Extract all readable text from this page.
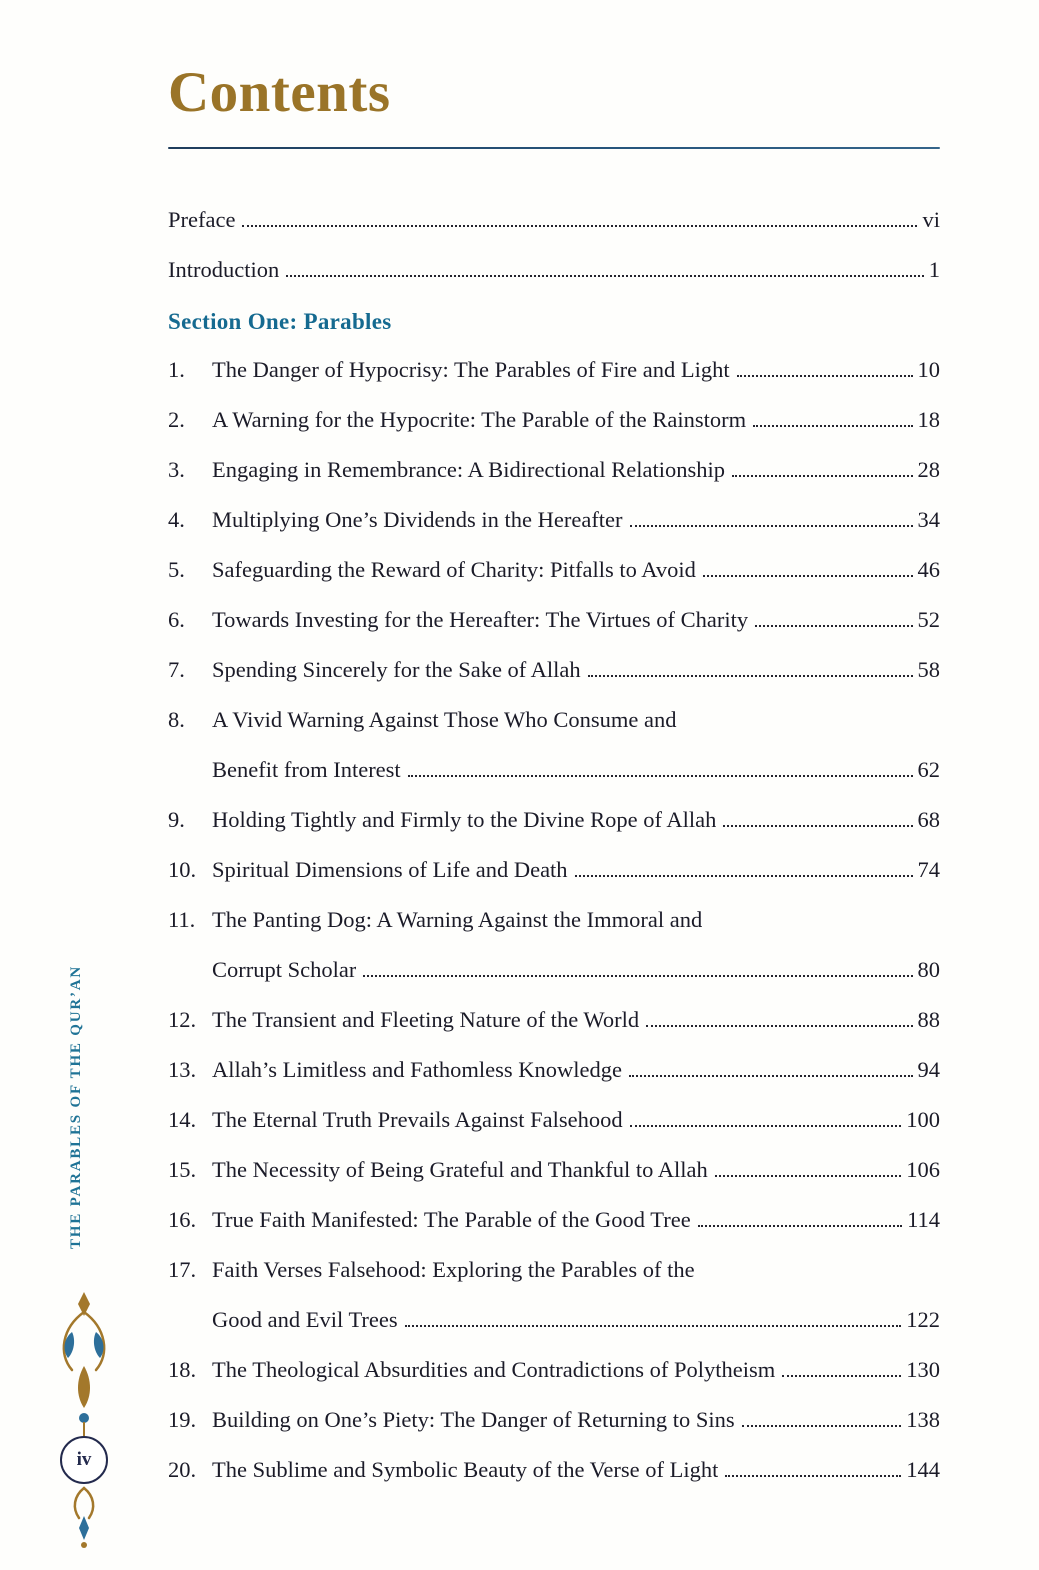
THE PARABLES OF THE QUR’AN
iv
Contents
Preface	vi
Introduction	1
Section One: Parables
1.	The Danger of Hypocrisy: The Parables of Fire and Light	10
2.	A Warning for the Hypocrite: The Parable of the Rainstorm	18
3.	Engaging in Remembrance: A Bidirectional Relationship	28
4.	Multiplying One’s Dividends in the Hereafter	34
5.	Safeguarding the Reward of Charity: Pitfalls to Avoid	46
6.	Towards Investing for the Hereafter: The Virtues of Charity	52
7.	Spending Sincerely for the Sake of Allah	58
8.	A Vivid Warning Against Those Who Consume and
Benefit from Interest	62
9.	Holding Tightly and Firmly to the Divine Rope of Allah	68
10. Spiritual Dimensions of Life and Death	74
11. The Panting Dog: A Warning Against the Immoral and
Corrupt Scholar	80
12. The Transient and Fleeting Nature of the World	88
13. Allah’s Limitless and Fathomless Knowledge	94
14. The Eternal Truth Prevails Against Falsehood	100
15. The Necessity of Being Grateful and Thankful to Allah	106
16. True Faith Manifested: The Parable of the Good Tree	114
17. Faith Verses Falsehood: Exploring the Parables of the
Good and Evil Trees	122
18. The Theological Absurdities and Contradictions of Polytheism	130
19. Building on One’s Piety: The Danger of Returning to Sins	138
20. The Sublime and Symbolic Beauty of the Verse of Light	144
